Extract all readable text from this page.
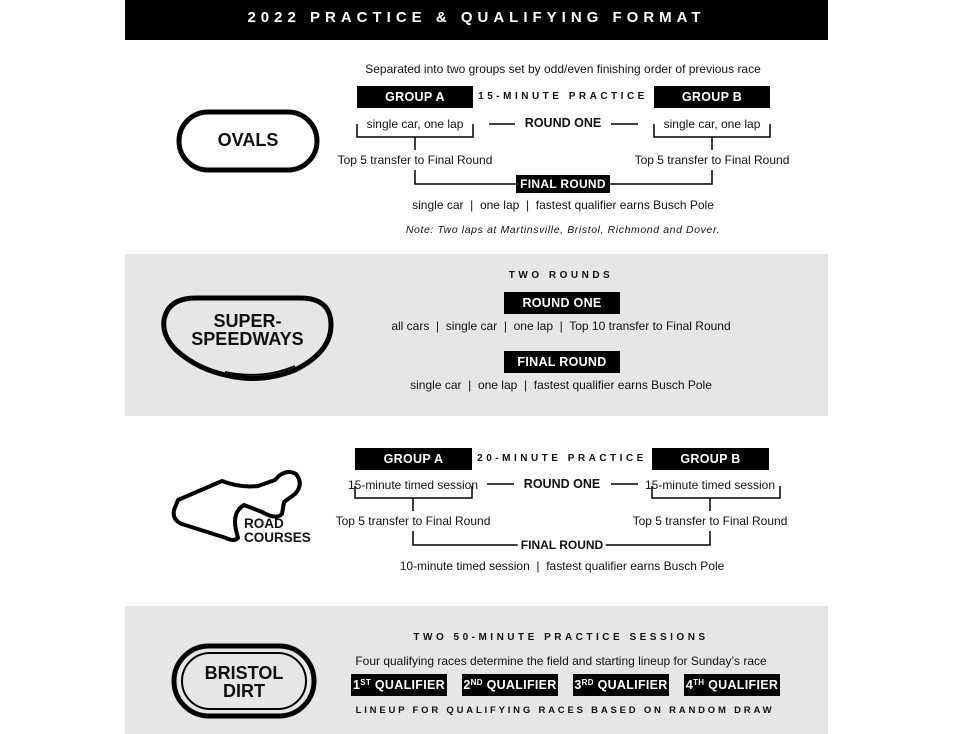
2022 PRACTICE & QUALIFYING FORMAT
OVALS
Separated into two groups set by odd/even finishing order of previous race
GROUP A	15-MINUTE PRACTICE	GROUP B
single car, one lap	ROUND ONE	single car, one lap
Top 5 transfer to Final Round	Top 5 transfer to Final Round
FINAL ROUND
single car  |  one lap  |  fastest qualifier earns Busch Pole
Note: Two laps at Martinsville, Bristol, Richmond and Dover.
SUPER-
SPEEDWAYS
TWO ROUNDS
ROUND ONE
all cars  |  single car  |  one lap  |  Top 10 transfer to Final Round
FINAL ROUND
single car  |  one lap  |  fastest qualifier earns Busch Pole
ROAD
COURSES
GROUP A	20-MINUTE PRACTICE	GROUP B
15-minute timed session	ROUND ONE	15-minute timed session
Top 5 transfer to Final Round	Top 5 transfer to Final Round
FINAL ROUND
10-minute timed session  |  fastest qualifier earns Busch Pole
BRISTOL
DIRT
TWO 50-MINUTE PRACTICE SESSIONS
Four qualifying races determine the field and starting lineup for Sunday’s race
1ST QUALIFIER 2ND QUALIFIER 3RD QUALIFIER 4TH QUALIFIER
LINEUP FOR QUALIFYING RACES BASED ON RANDOM DRAW
